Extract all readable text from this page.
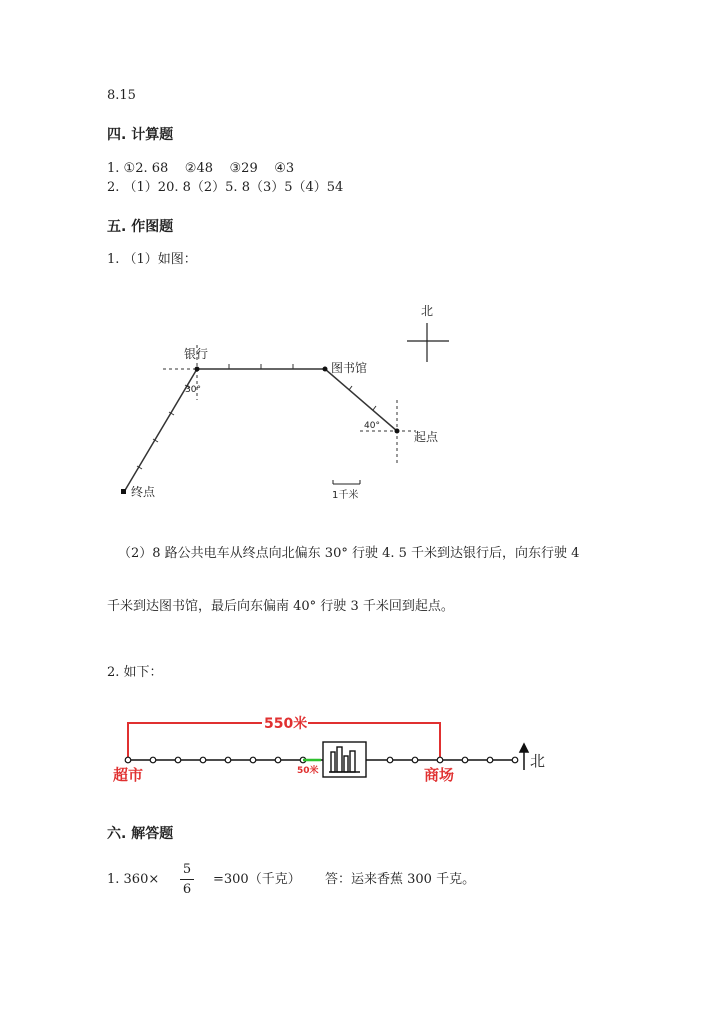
8.15
四. 计算题
1. ①2. 68    ②48    ③29    ④3
2. （1）20. 8（2）5. 8（3）5（4）54
五. 作图题
1. （1）如图：
北
银行
图书馆
起点
终点
30°
40°
1千米
（2）8 路公共电车从终点向北偏东 30° 行驶 4. 5 千米到达银行后，向东行驶 4
千米到达图书馆，最后向东偏南 40° 行驶 3 千米回到起点。
2. 如下：
550米
50米
北
超市	商场
六. 解答题
1. 360×
5
6
=300（千克） 答：运来香蕉 300 千克。
